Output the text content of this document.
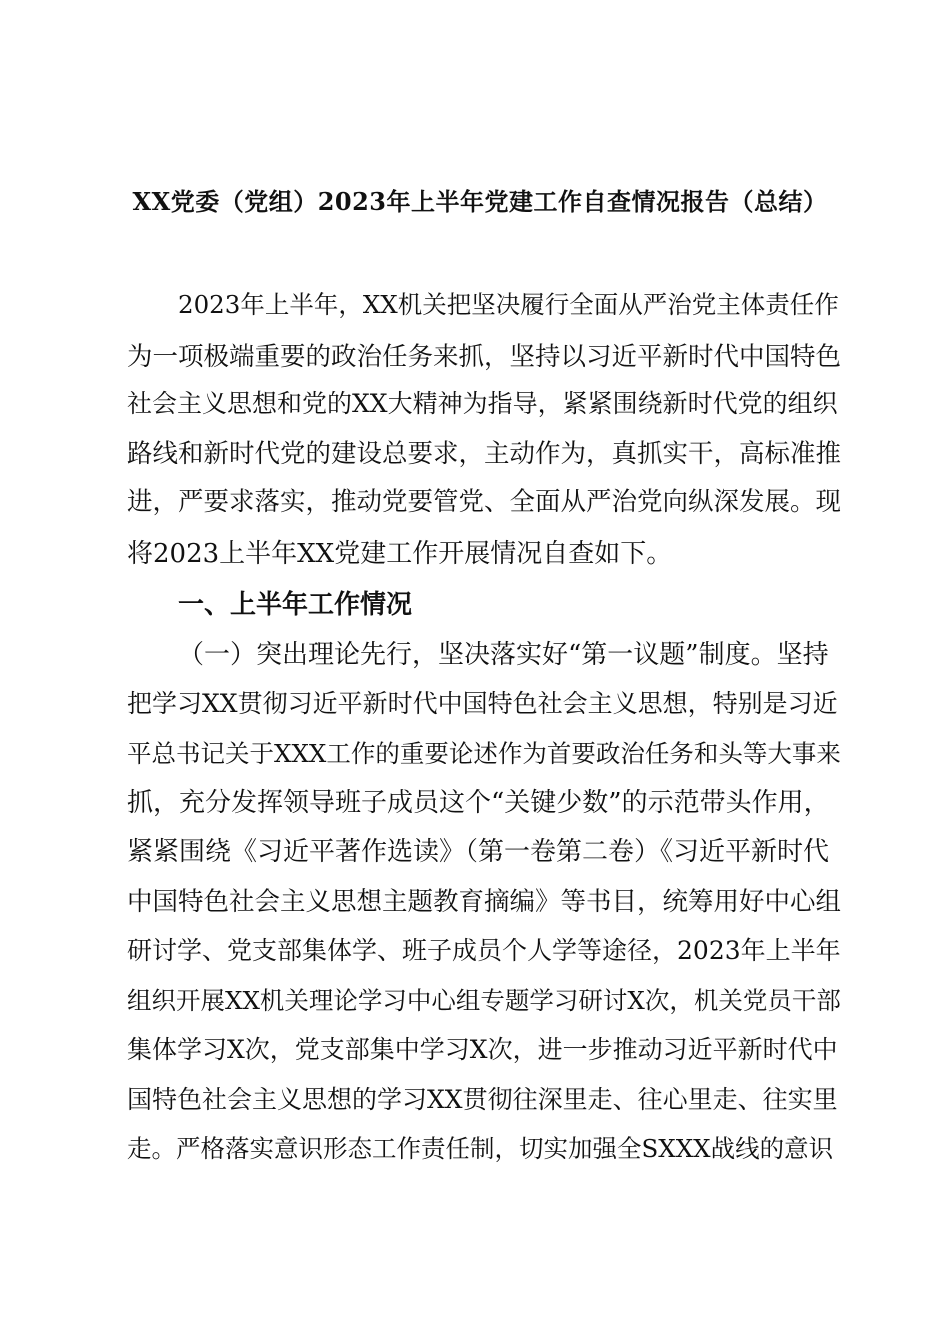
XX党委（党组）2023年上半年党建工作自查情况报告（总结）
2023年上半年，XX机关把坚决履行全面从严治党主体责任作
为一项极端重要的政治任务来抓，坚持以习近平新时代中国特色
社会主义思想和党的XX大精神为指导，紧紧围绕新时代党的组织
路线和新时代党的建设总要求，主动作为，真抓实干，高标准推
进，严要求落实，推动党要管党、全面从严治党向纵深发展。现
将2023上半年XX党建工作开展情况自查如下。
一、上半年工作情况
（一）突出理论先行，坚决落实好“第一议题”制度。坚持
把学习XX贯彻习近平新时代中国特色社会主义思想，特别是习近
平总书记关于XXX工作的重要论述作为首要政治任务和头等大事来
抓，充分发挥领导班子成员这个“关键少数”的示范带头作用，
紧紧围绕《习近平著作选读》（第一卷第二卷）《习近平新时代
中国特色社会主义思想主题教育摘编》等书目，统筹用好中心组
研讨学、党支部集体学、班子成员个人学等途径，2023年上半年
组织开展XX机关理论学习中心组专题学习研讨X次，机关党员干部
集体学习X次，党支部集中学习X次，进一步推动习近平新时代中
国特色社会主义思想的学习XX贯彻往深里走、往心里走、往实里
走。严格落实意识形态工作责任制，切实加强全SXXX战线的意识
